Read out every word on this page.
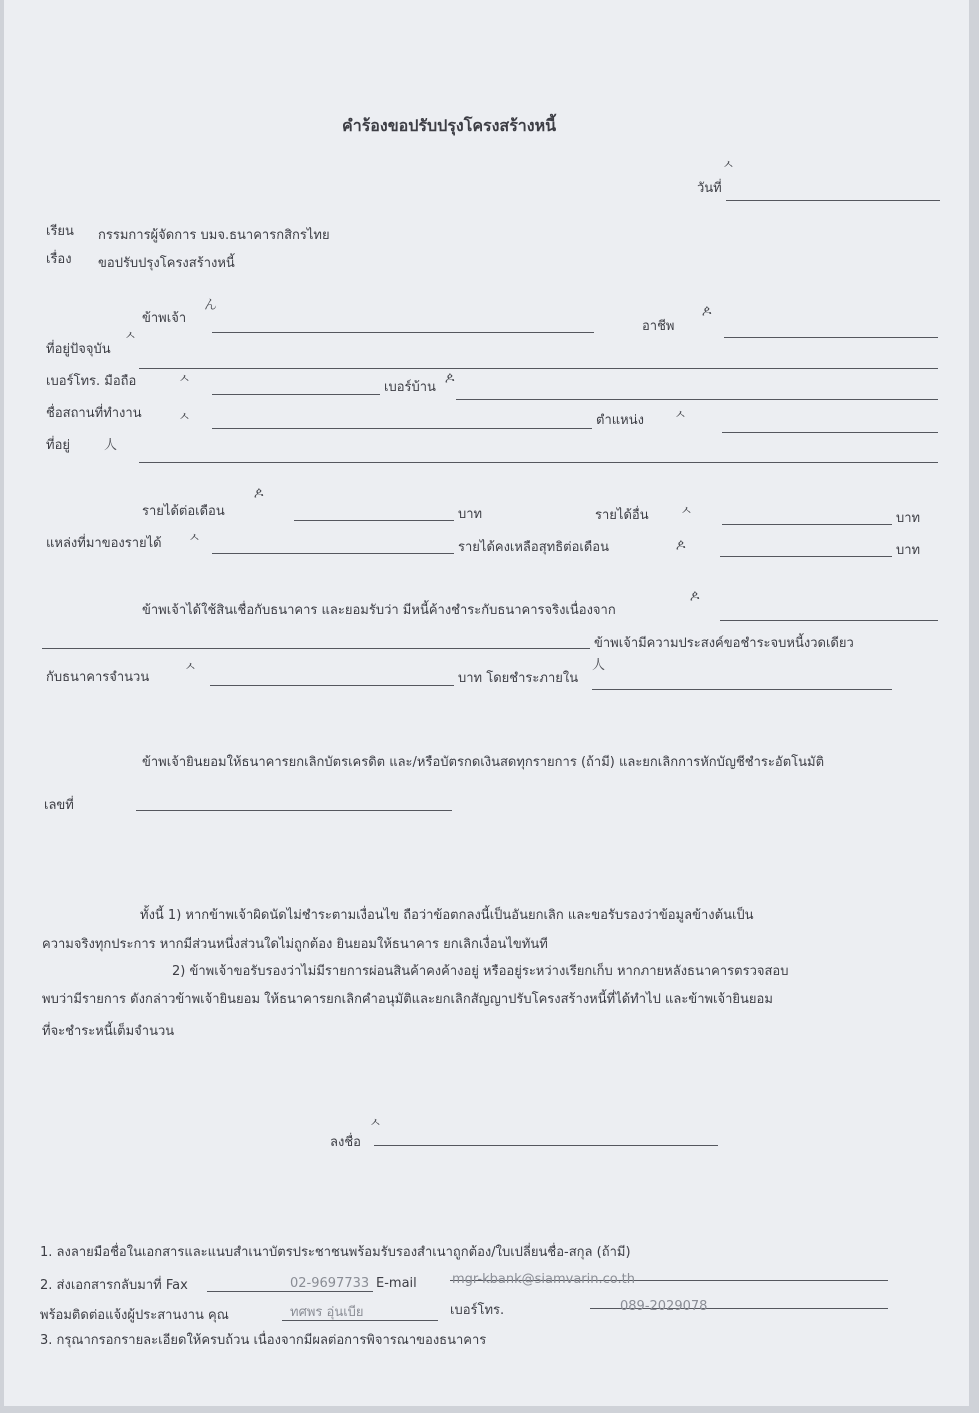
คำร้องขอปรับปรุงโครงสร้างหนี้
ㅅ
วันที่
เรียน กรรมการผู้จัดการ บมจ.ธนาคารกสิกรไทย
เรื่อง ขอปรับปรุงโครงสร้างหนี้
ん
ข้าพเจ้า
ዾ
อาชีพ
ㅅ
ที่อยู่ปัจจุบัน
เบอร์โทร. มือถือ	ㅅ
เบอร์บ้าน
ዾ
ชื่อสถานที่ทำงาน	ㅅ	ตำแหน่ง ㅅ
ที่อยู่	人
ዾ
รายได้ต่อเดือน	บาท	รายได้อื่น ㅅ	บาท
แหล่งที่มาของรายได้ ㅅ
รายได้คงเหลือสุทธิต่อเดือน	ዾ	บาท
ข้าพเจ้าได้ใช้สินเชื่อกับธนาคาร และยอมรับว่า มีหนี้ค้างชำระกับธนาคารจริงเนื่องจาก
ዾ
ข้าพเจ้ามีความประสงค์ขอชำระจบหนี้งวดเดียว
กับธนาคารจำนวน
ㅅ
บาท โดยชำระภายใน
人
ข้าพเจ้ายินยอมให้ธนาคารยกเลิกบัตรเครดิต และ/หรือบัตรกดเงินสดทุกรายการ (ถ้ามี) และยกเลิกการหักบัญชีชำระอัตโนมัติ
เลขที่
ทั้งนี้ 1) หากข้าพเจ้าผิดนัดไม่ชำระตามเงื่อนไข ถือว่าข้อตกลงนี้เป็นอันยกเลิก และขอรับรองว่าข้อมูลข้างต้นเป็น
ความจริงทุกประการ หากมีส่วนหนึ่งส่วนใดไม่ถูกต้อง ยินยอมให้ธนาคาร ยกเลิกเงื่อนไขทันที
2) ข้าพเจ้าขอรับรองว่าไม่มีรายการผ่อนสินค้าคงค้างอยู่ หรืออยู่ระหว่างเรียกเก็บ หากภายหลังธนาคารตรวจสอบ
พบว่ามีรายการ ดังกล่าวข้าพเจ้ายินยอม ให้ธนาคารยกเลิกคำอนุมัติและยกเลิกสัญญาปรับโครงสร้างหนี้ที่ได้ทำไป และข้าพเจ้ายินยอม
ที่จะชำระหนี้เต็มจำนวน
ㅅ
ลงชื่อ
1. ลงลายมือชื่อในเอกสารและแนบสำเนาบัตรประชาชนพร้อมรับรองสำเนาถูกต้อง/ใบเปลี่ยนชื่อ-สกุล (ถ้ามี)
2. ส่งเอกสารกลับมาที่ Fax	02-9697733 E-mail	mgr-kbank@siamvarin.co.th
พร้อมติดต่อแจ้งผู้ประสานงาน คุณ	ทศพร อุ่นเบีย	เบอร์โทร.	089-2029078
3. กรุณากรอกรายละเอียดให้ครบถ้วน เนื่องจากมีผลต่อการพิจารณาของธนาคาร
